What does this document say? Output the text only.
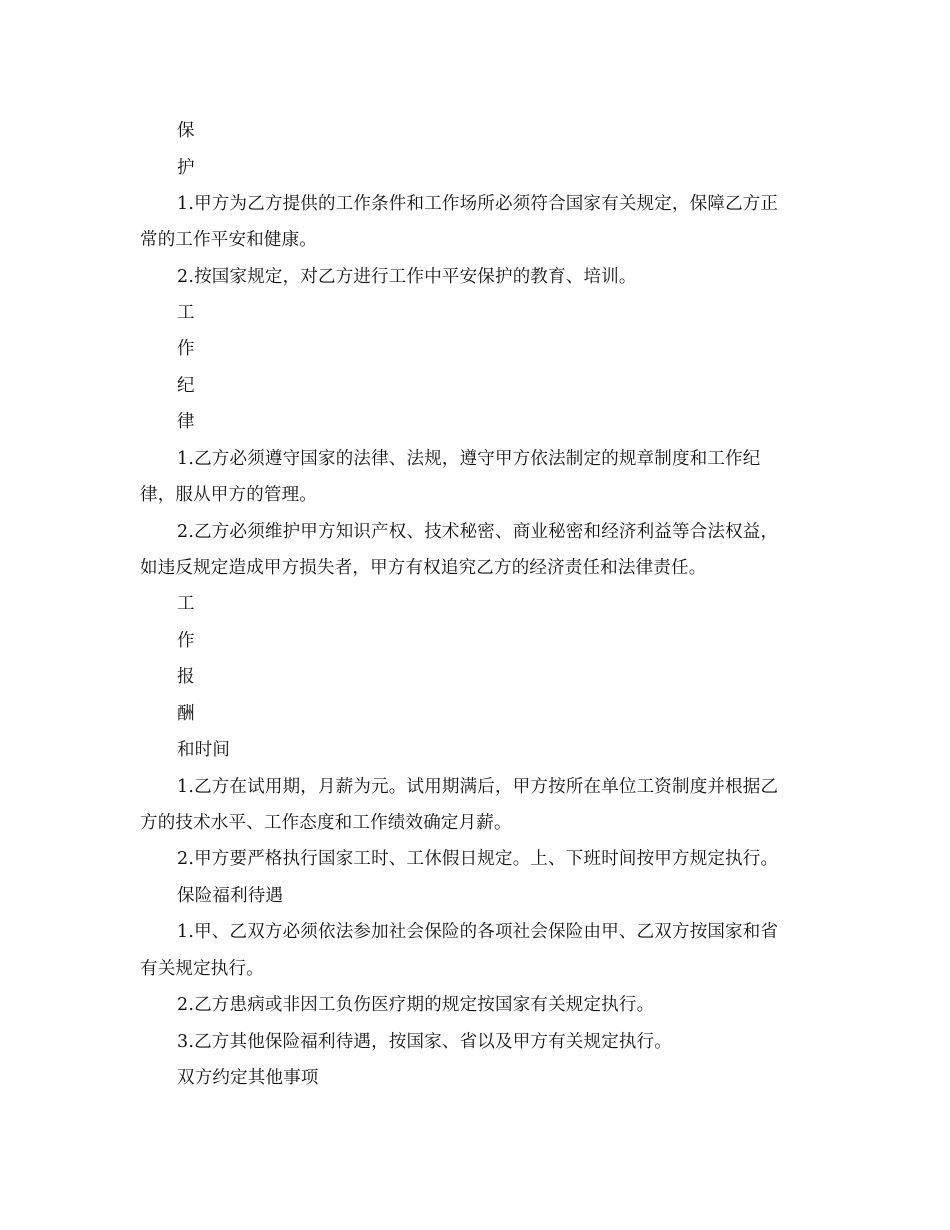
保
护
1.甲方为乙方提供的工作条件和工作场所必须符合国家有关规定，保障乙方正
常的工作平安和健康。
2.按国家规定，对乙方进行工作中平安保护的教育、培训。
工
作
纪
律
1.乙方必须遵守国家的法律、法规，遵守甲方依法制定的规章制度和工作纪
律，服从甲方的管理。
2.乙方必须维护甲方知识产权、技术秘密、商业秘密和经济利益等合法权益，
如违反规定造成甲方损失者，甲方有权追究乙方的经济责任和法律责任。
工
作
报
酬
和时间
1.乙方在试用期，月薪为元。试用期满后，甲方按所在单位工资制度并根据乙
方的技术水平、工作态度和工作绩效确定月薪。
2.甲方要严格执行国家工时、工休假日规定。上、下班时间按甲方规定执行。
保险福利待遇
1.甲、乙双方必须依法参加社会保险的各项社会保险由甲、乙双方按国家和省
有关规定执行。
2.乙方患病或非因工负伤医疗期的规定按国家有关规定执行。
3.乙方其他保险福利待遇，按国家、省以及甲方有关规定执行。
双方约定其他事项
